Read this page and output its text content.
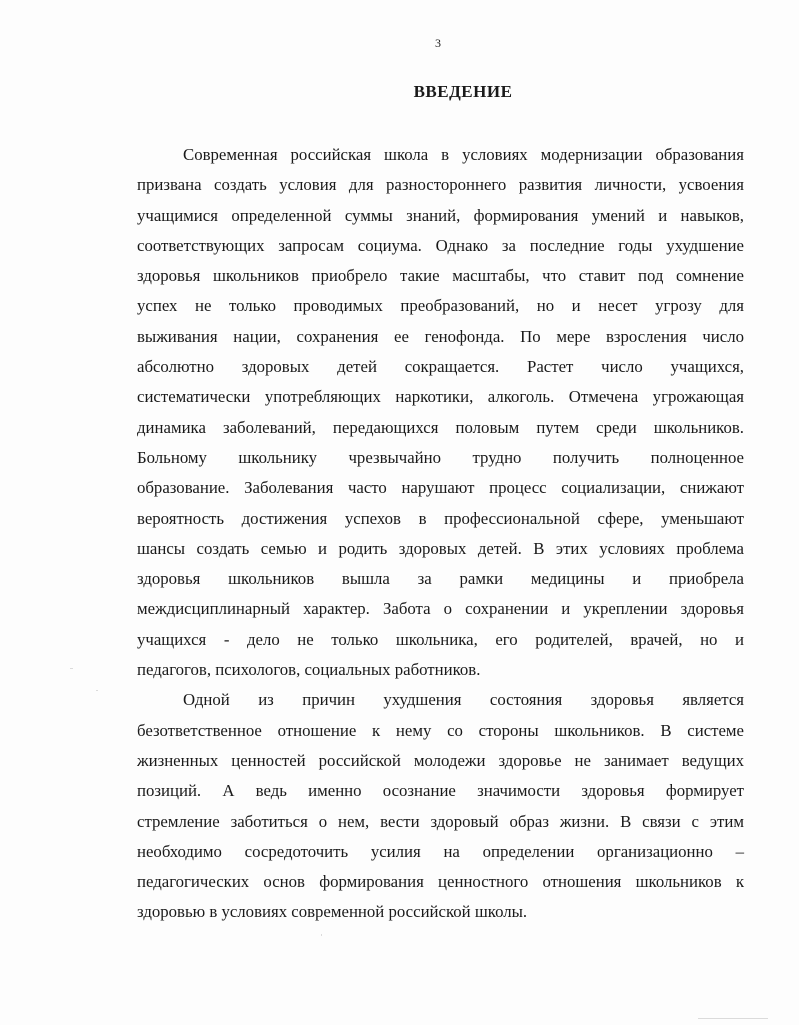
3
ВВЕДЕНИЕ
Современная российская школа в условиях модернизации образования
призвана создать условия для разностороннего развития личности, усвоения
учащимися определенной суммы знаний, формирования умений и навыков,
соответствующих запросам социума. Однако за последние годы ухудшение
здоровья школьников приобрело такие масштабы, что ставит под сомнение
успех не только проводимых преобразований, но и несет угрозу для
выживания нации, сохранения ее генофонда. По мере взросления число
абсолютно здоровых детей сокращается. Растет число учащихся,
систематически употребляющих наркотики, алкоголь. Отмечена угрожающая
динамика заболеваний, передающихся половым путем среди школьников.
Больному школьнику чрезвычайно трудно получить полноценное
образование. Заболевания часто нарушают процесс социализации, снижают
вероятность достижения успехов в профессиональной сфере, уменьшают
шансы создать семью и родить здоровых детей. В этих условиях проблема
здоровья школьников вышла за рамки медицины и приобрела
междисциплинарный характер. Забота о сохранении и укреплении здоровья
учащихся - дело не только школьника, его родителей, врачей, но и
педагогов, психологов, социальных работников.
Одной из причин ухудшения состояния здоровья является
безответственное отношение к нему со стороны школьников. В системе
жизненных ценностей российской молодежи здоровье не занимает ведущих
позиций. А ведь именно осознание значимости здоровья формирует
стремление заботиться о нем, вести здоровый образ жизни. В связи с этим
необходимо сосредоточить усилия на определении организационно –
педагогических основ формирования ценностного отношения школьников к
здоровью в условиях современной российской школы.
